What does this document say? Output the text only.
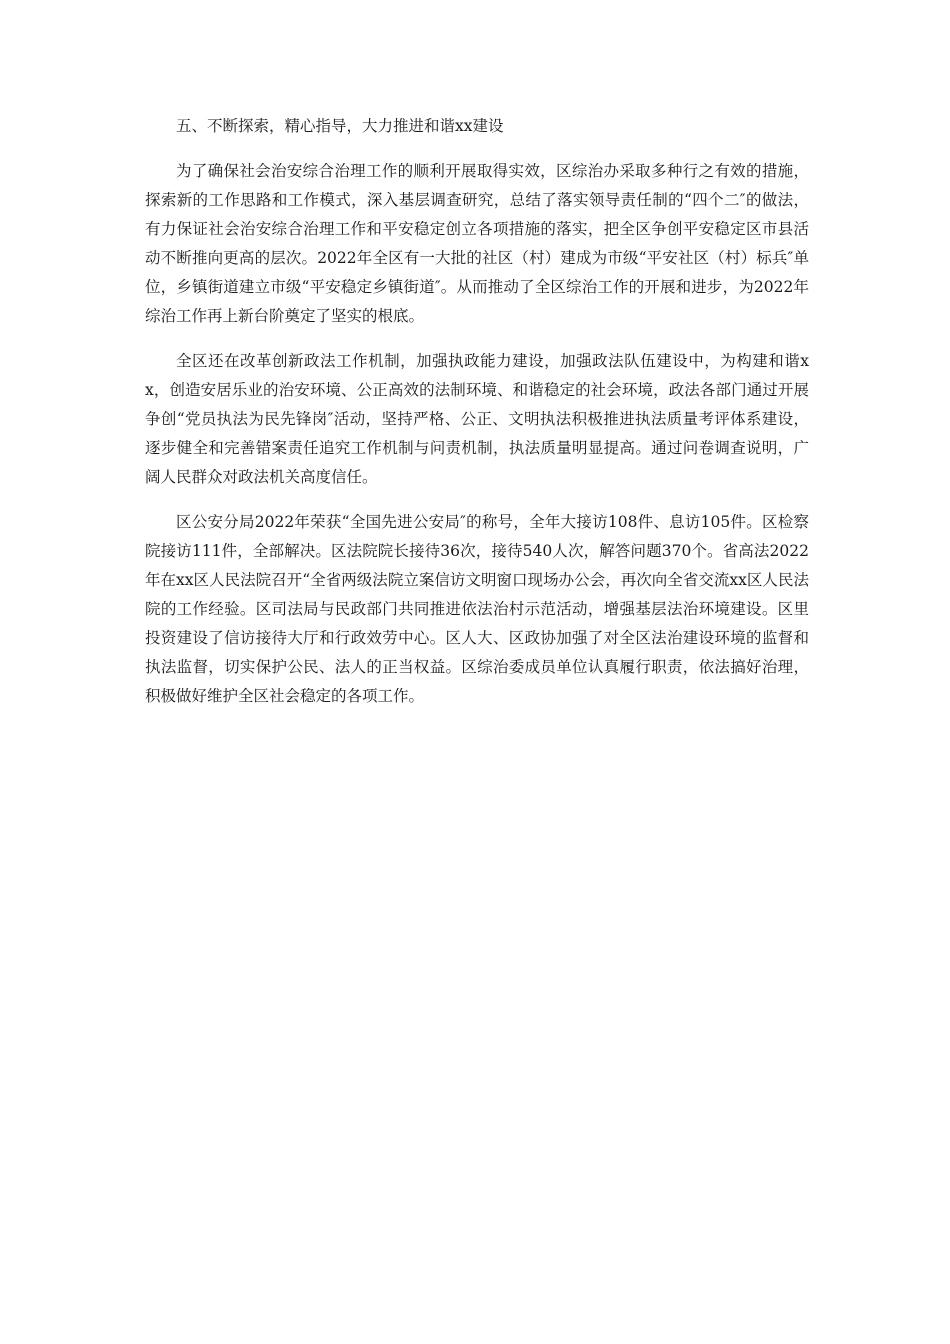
五、不断探索，精心指导，大力推进和谐xx建设

为了确保社会治安综合治理工作的顺利开展取得实效，区综治办采取多种行之有效的措施，探索新的工作思路和工作模式，深入基层调查研究，总结了落实领导责任制的“四个二″的做法，有力保证社会治安综合治理工作和平安稳定创立各项措施的落实，把全区争创平安稳定区市县活动不断推向更高的层次。2022年全区有一大批的社区（村）建成为市级“平安社区（村）标兵″单位，乡镇街道建立市级“平安稳定乡镇街道″。从而推动了全区综治工作的开展和进步，为2022年综治工作再上新台阶奠定了坚实的根底。

全区还在改革创新政法工作机制，加强执政能力建设，加强政法队伍建设中，为构建和谐xx，创造安居乐业的治安环境、公正高效的法制环境、和谐稳定的社会环境，政法各部门通过开展争创“党员执法为民先锋岗″活动，坚持严格、公正、文明执法积极推进执法质量考评体系建设，逐步健全和完善错案责任追究工作机制与问责机制，执法质量明显提高。通过问卷调查说明，广阔人民群众对政法机关高度信任。

区公安分局2022年荣获“全国先进公安局″的称号，全年大接访108件、息访105件。区检察院接访111件，全部解决。区法院院长接待36次，接待540人次，解答问题370个。省高法2022年在xx区人民法院召开“全省两级法院立案信访文明窗口现场办公会，再次向全省交流xx区人民法院的工作经验。区司法局与民政部门共同推进依法治村示范活动，增强基层法治环境建设。区里投资建设了信访接待大厅和行政效劳中心。区人大、区政协加强了对全区法治建设环境的监督和执法监督，切实保护公民、法人的正当权益。区综治委成员单位认真履行职责，依法搞好治理，积极做好维护全区社会稳定的各项工作。
